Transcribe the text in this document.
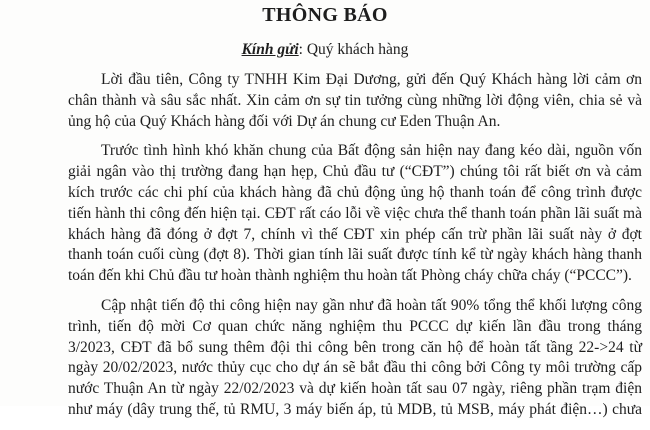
THÔNG BÁO
Kính gửi: Quý khách hàng
Lời đầu tiên, Công ty TNHH Kim Đại Dương, gửi đến Quý Khách hàng lời cảm ơn
chân thành và sâu sắc nhất. Xin cảm ơn sự tin tưởng cùng những lời động viên, chia sẻ và
ủng hộ của Quý Khách hàng đối với Dự án chung cư Eden Thuận An.
Trước tình hình khó khăn chung của Bất động sản hiện nay đang kéo dài, nguồn vốn
giải ngân vào thị trường đang hạn hẹp, Chủ đầu tư (“CĐT”) chúng tôi rất biết ơn và cảm
kích trước các chi phí của khách hàng đã chủ động ủng hộ thanh toán để công trình được
tiến hành thi công đến hiện tại. CĐT rất cáo lỗi về việc chưa thể thanh toán phần lãi suất mà
khách hàng đã đóng ở đợt 7, chính vì thế CĐT xin phép cấn trừ phần lãi suất này ở đợt
thanh toán cuối cùng (đợt 8). Thời gian tính lãi suất được tính kể từ ngày khách hàng thanh
toán đến khi Chủ đầu tư hoàn thành nghiệm thu hoàn tất Phòng cháy chữa cháy (“PCCC”).
Cập nhật tiến độ thi công hiện nay gần như đã hoàn tất 90% tổng thể khối lượng công
trình, tiến độ mời Cơ quan chức năng nghiệm thu PCCC dự kiến lần đầu trong tháng
3/2023, CĐT đã bổ sung thêm đội thi công bên trong căn hộ để hoàn tất tầng 22->24 từ
ngày 20/02/2023, nước thủy cục cho dự án sẽ bắt đầu thi công bởi Công ty môi trường cấp
nước Thuận An từ ngày 22/02/2023 và dự kiến hoàn tất sau 07 ngày, riêng phần trạm điện
như máy (dây trung thế, tủ RMU, 3 máy biến áp, tủ MDB, tủ MSB, máy phát điện…) chưa
